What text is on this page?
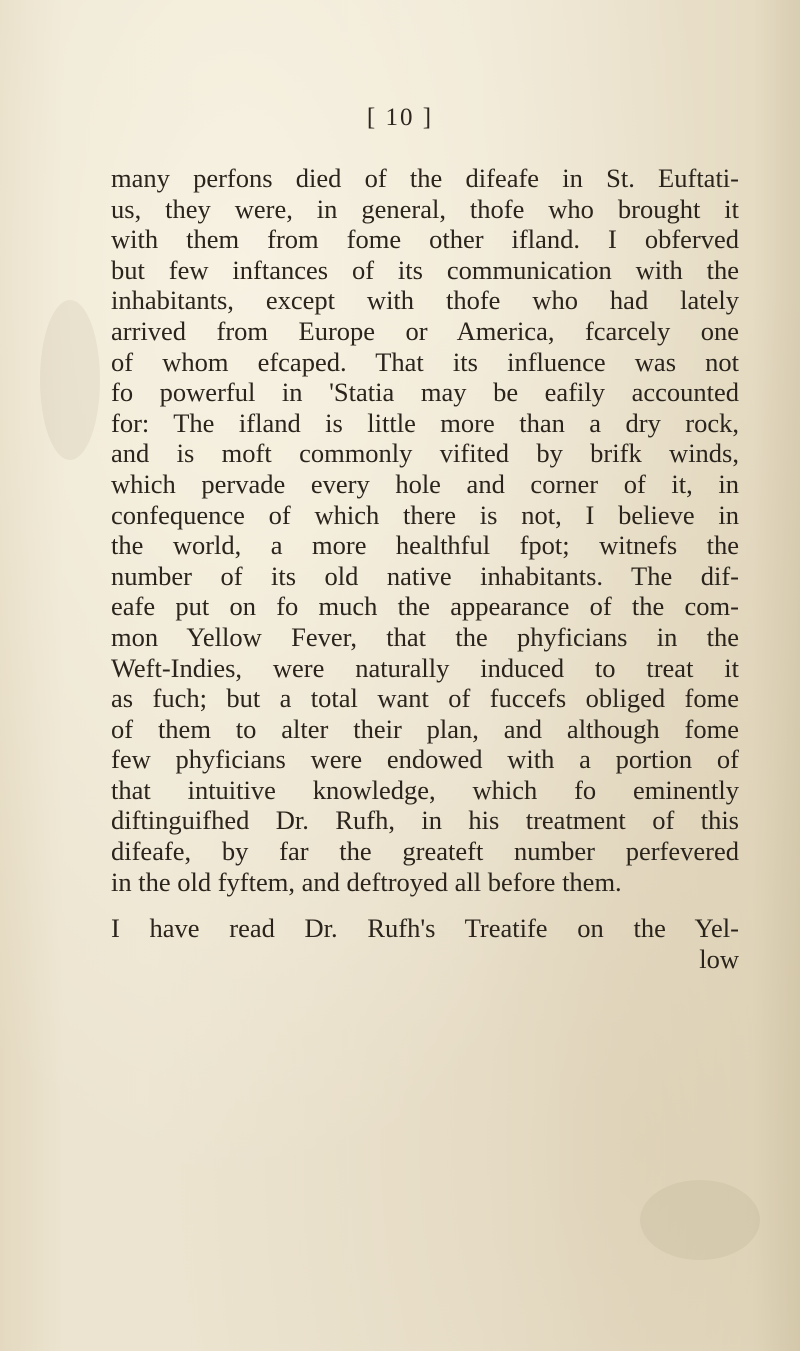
[ 10 ]
many perfons died of the difeafe in St. Euftati-
us, they were, in general, thofe who brought it
with them from fome other ifland. I obferved
but few inftances of its communication with the
inhabitants, except with thofe who had lately
arrived from Europe or America, fcarcely one
of whom efcaped. That its influence was not
fo powerful in 'Statia may be eafily accounted
for: The ifland is little more than a dry rock,
and is moft commonly vifited by brifk winds,
which pervade every hole and corner of it, in
confequence of which there is not, I believe in
the world, a more healthful fpot; witnefs the
number of its old native inhabitants. The dif-
eafe put on fo much the appearance of the com-
mon Yellow Fever, that the phyficians in the
Weft-Indies, were naturally induced to treat it
as fuch; but a total want of fuccefs obliged fome
of them to alter their plan, and although fome
few phyficians were endowed with a portion of
that intuitive knowledge, which fo eminently
diftinguifhed Dr. Rufh, in his treatment of this
difeafe, by far the greateft number perfevered
in the old fyftem, and deftroyed all before them.
I have read Dr. Rufh's Treatife on the Yel-
low
